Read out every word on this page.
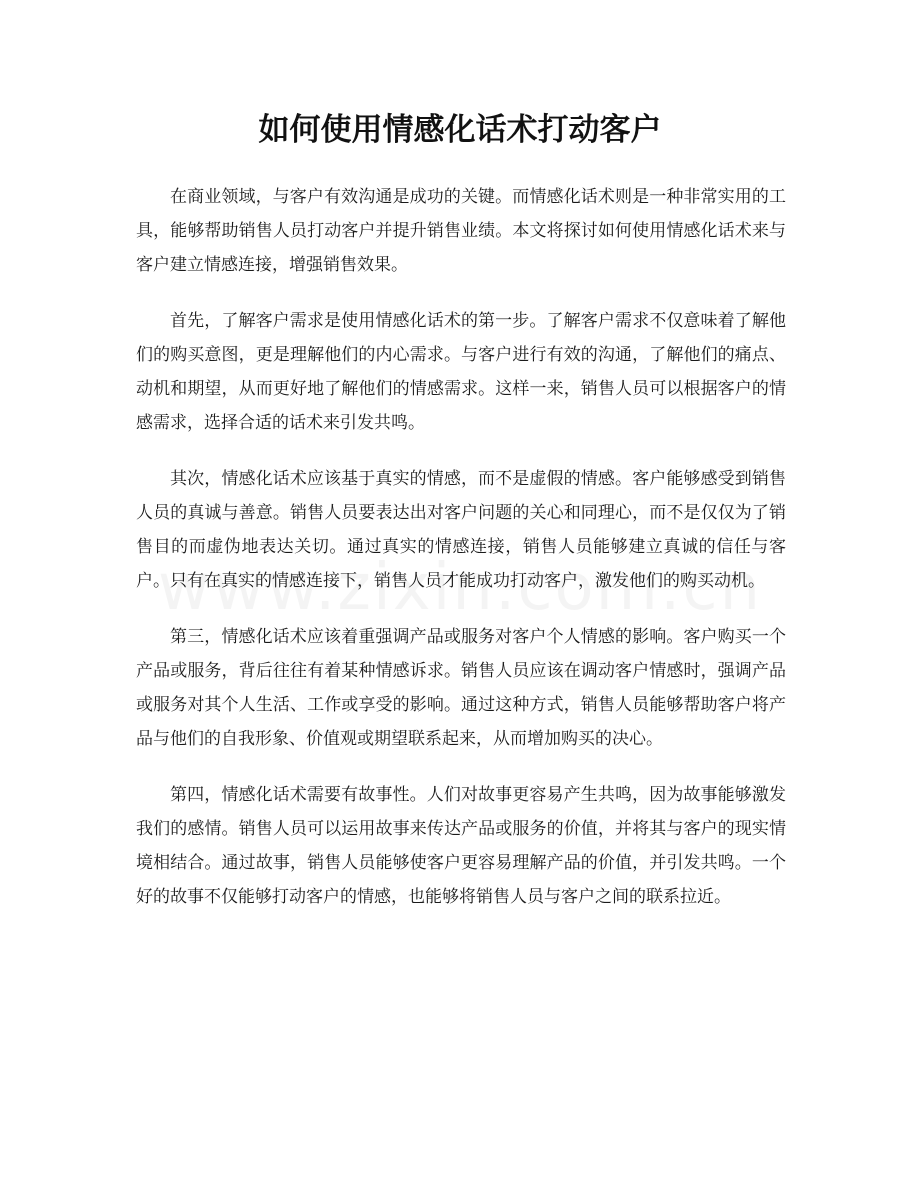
如何使用情感化话术打动客户

在商业领域，与客户有效沟通是成功的关键。而情感化话术则是一种非常实用的工具，能够帮助销售人员打动客户并提升销售业绩。本文将探讨如何使用情感化话术来与客户建立情感连接，增强销售效果。

首先，了解客户需求是使用情感化话术的第一步。了解客户需求不仅意味着了解他们的购买意图，更是理解他们的内心需求。与客户进行有效的沟通，了解他们的痛点、动机和期望，从而更好地了解他们的情感需求。这样一来，销售人员可以根据客户的情感需求，选择合适的话术来引发共鸣。

其次，情感化话术应该基于真实的情感，而不是虚假的情感。客户能够感受到销售人员的真诚与善意。销售人员要表达出对客户问题的关心和同理心，而不是仅仅为了销售目的而虚伪地表达关切。通过真实的情感连接，销售人员能够建立真诚的信任与客户。只有在真实的情感连接下，销售人员才能成功打动客户，激发他们的购买动机。

第三，情感化话术应该着重强调产品或服务对客户个人情感的影响。客户购买一个产品或服务，背后往往有着某种情感诉求。销售人员应该在调动客户情感时，强调产品或服务对其个人生活、工作或享受的影响。通过这种方式，销售人员能够帮助客户将产品与他们的自我形象、价值观或期望联系起来，从而增加购买的决心。

第四，情感化话术需要有故事性。人们对故事更容易产生共鸣，因为故事能够激发我们的感情。销售人员可以运用故事来传达产品或服务的价值，并将其与客户的现实情境相结合。通过故事，销售人员能够使客户更容易理解产品的价值，并引发共鸣。一个好的故事不仅能够打动客户的情感，也能够将销售人员与客户之间的联系拉近。
